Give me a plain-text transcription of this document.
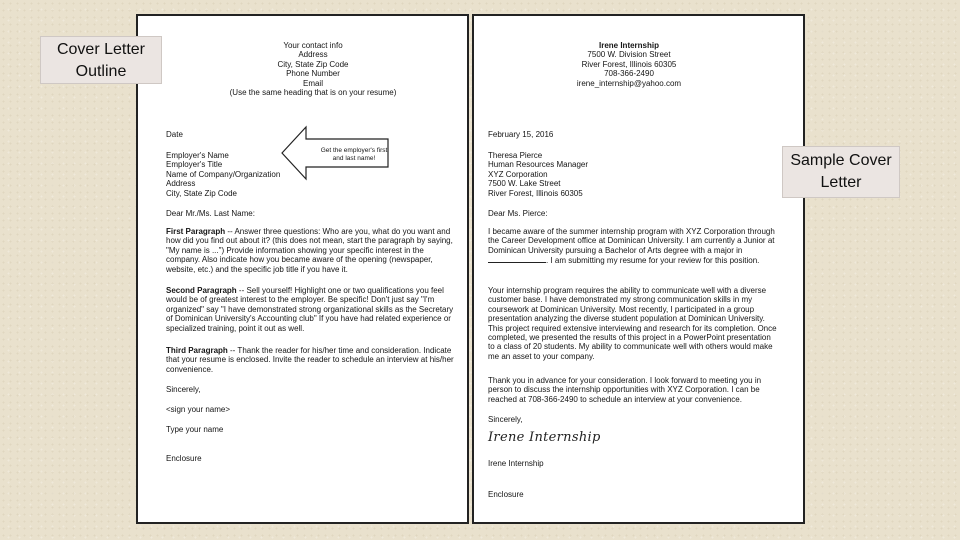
Your contact info
Address
City, State Zip Code
Phone Number
Email
(Use the same heading that is on your resume)
Date
Employer's Name
Employer's Title
Name of Company/Organization
Address
City, State Zip Code
Get the employer's first and last name!
Dear Mr./Ms. Last Name:
First Paragraph -- Answer three questions: Who are you, what do you want and how did you find out about it? (this does not mean, start the paragraph by saying, "My name is ...") Provide information showing your specific interest in the company. Also indicate how you became aware of the opening (newspaper, website, etc.) and the specific job title if you have it.
Second Paragraph -- Sell yourself! Highlight one or two qualifications you feel would be of greatest interest to the employer. Be specific! Don't just say "I'm organized" say "I have demonstrated strong organizational skills as the Secretary of Dominican University's Accounting club" If you have had related experience or specialized training, point it out as well.
Third Paragraph -- Thank the reader for his/her time and consideration. Indicate that your resume is enclosed. Invite the reader to schedule an interview at his/her convenience.
Sincerely,
<sign your name>
Type your name
Enclosure
Irene Internship
7500 W. Division Street
River Forest, Illinois 60305
708-366-2490
irene_internship@yahoo.com
February 15, 2016
Theresa Pierce
Human Resources Manager
XYZ Corporation
7500 W. Lake Street
River Forest, Illinois 60305
Dear Ms. Pierce:
I became aware of the summer internship program with XYZ Corporation through the Career Development office at Dominican University. I am currently a Junior at Dominican University pursuing a Bachelor of Arts degree with a major in . I am submitting my resume for your review for this position.
Your internship program requires the ability to communicate well with a diverse customer base. I have demonstrated my strong communication skills in my coursework at Dominican University. Most recently, I participated in a group presentation analyzing the diverse student population at Dominican University. This project required extensive interviewing and research for its completion. Once completed, we presented the results of this project in a PowerPoint presentation to a class of 20 students. My ability to communicate well with others would make me an asset to your company.
Thank you in advance for your consideration. I look forward to meeting you in person to discuss the internship opportunities with XYZ Corporation. I can be reached at 708-366-2490 to schedule an interview at your convenience.
Sincerely,
Irene Internship
Irene Internship
Enclosure
Cover Letter Outline
Sample Cover Letter
